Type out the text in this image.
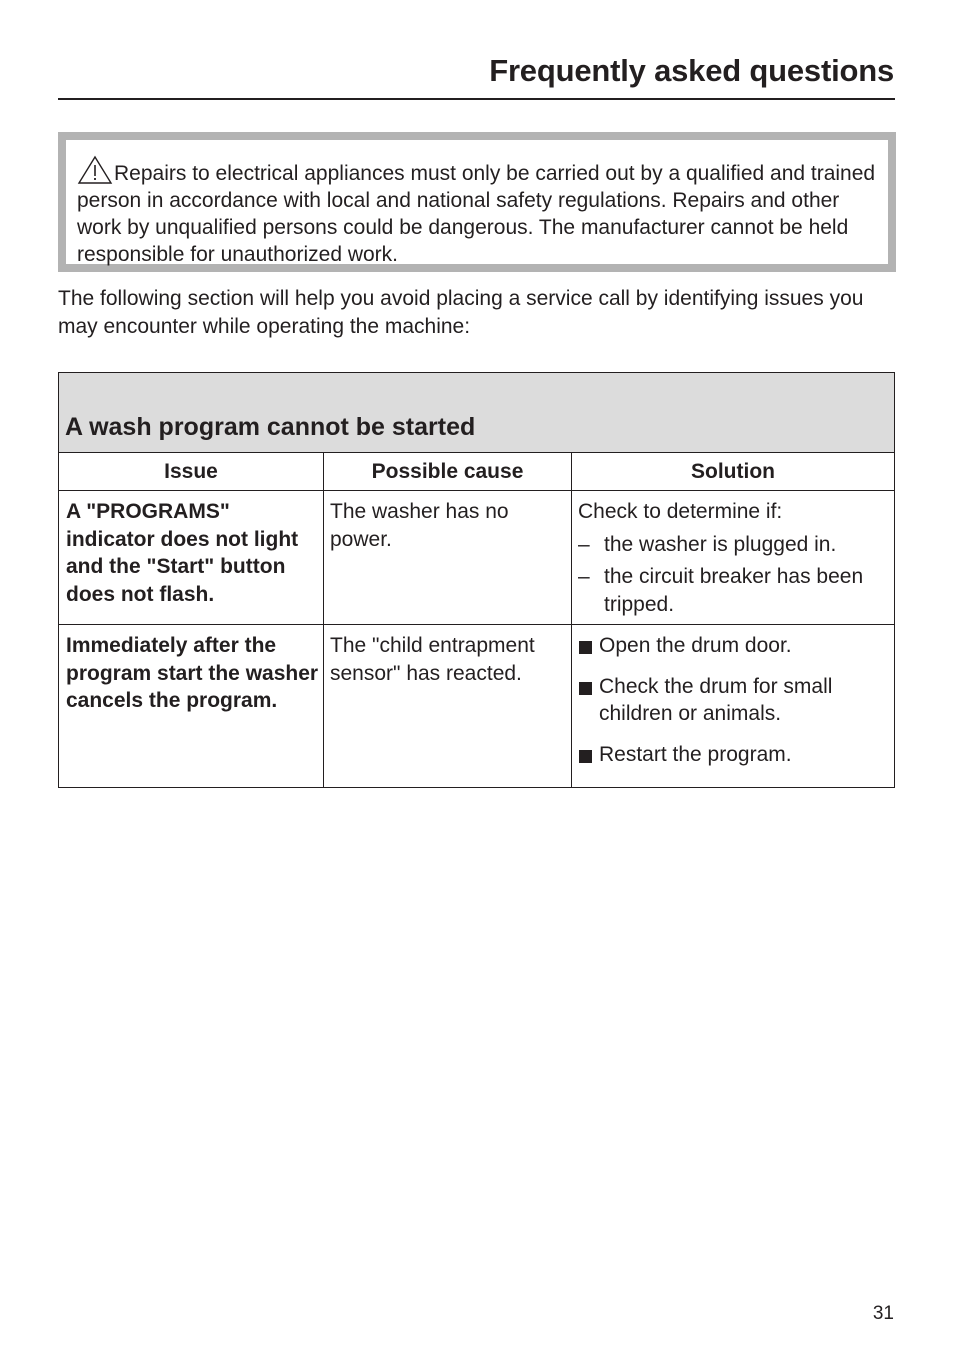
Frequently asked questions
Repairs to electrical appliances must only be carried out by a qualified and trained person in accordance with local and national safety regulations. Repairs and other work by unqualified persons could be dangerous. The manufacturer cannot be held responsible for unauthorized work.
The following section will help you avoid placing a service call by identifying issues you may encounter while operating the machine:
A wash program cannot be started		
Issue	Possible cause	Solution
A "PROGRAMS" indicator does not light and the "Start" button does not flash.	The washer has no power.	Check to determine if:
– the washer is plugged in.
– the circuit breaker has been tripped.

Immediately after the program start the washer cancels the program.	The "child entrapment sensor" has reacted.	Open the drum door.
Check the drum for small children or animals.
Restart the program.
31
